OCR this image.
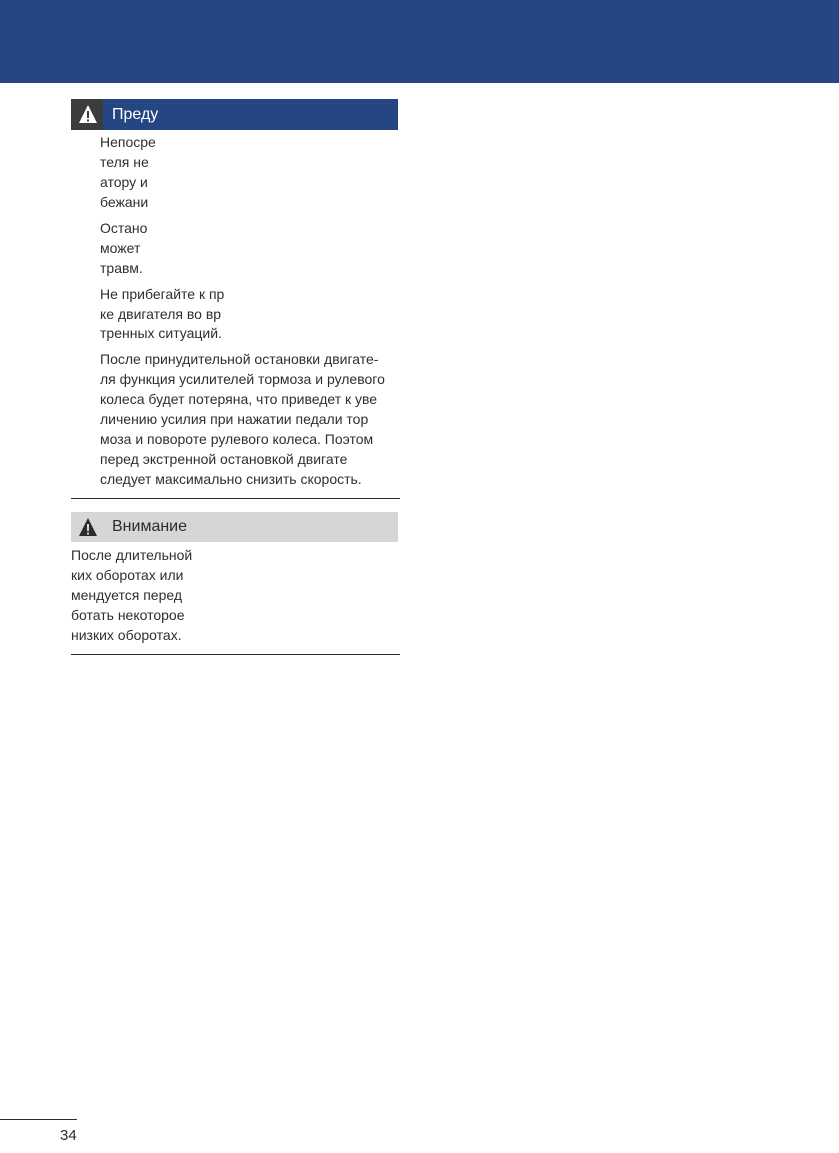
Преду
Непосре
теля не
атору и
бежани
Остано
может
травм.
Не прибегайте к пр
ке двигателя во вр
тренных ситуаций.
После принудительной остановки двигате-
ля функция усилителей тормоза и рулевого
колеса будет потеряна, что приведет к уве
личению усилия при нажатии педали тор
моза и повороте рулевого колеса. Поэтом
перед экстренной остановкой двигате
следует максимально снизить скорость.
Внимание
После длительной
ких оборотах или
мендуется перед
ботать некоторое
низких оборотах.
34
